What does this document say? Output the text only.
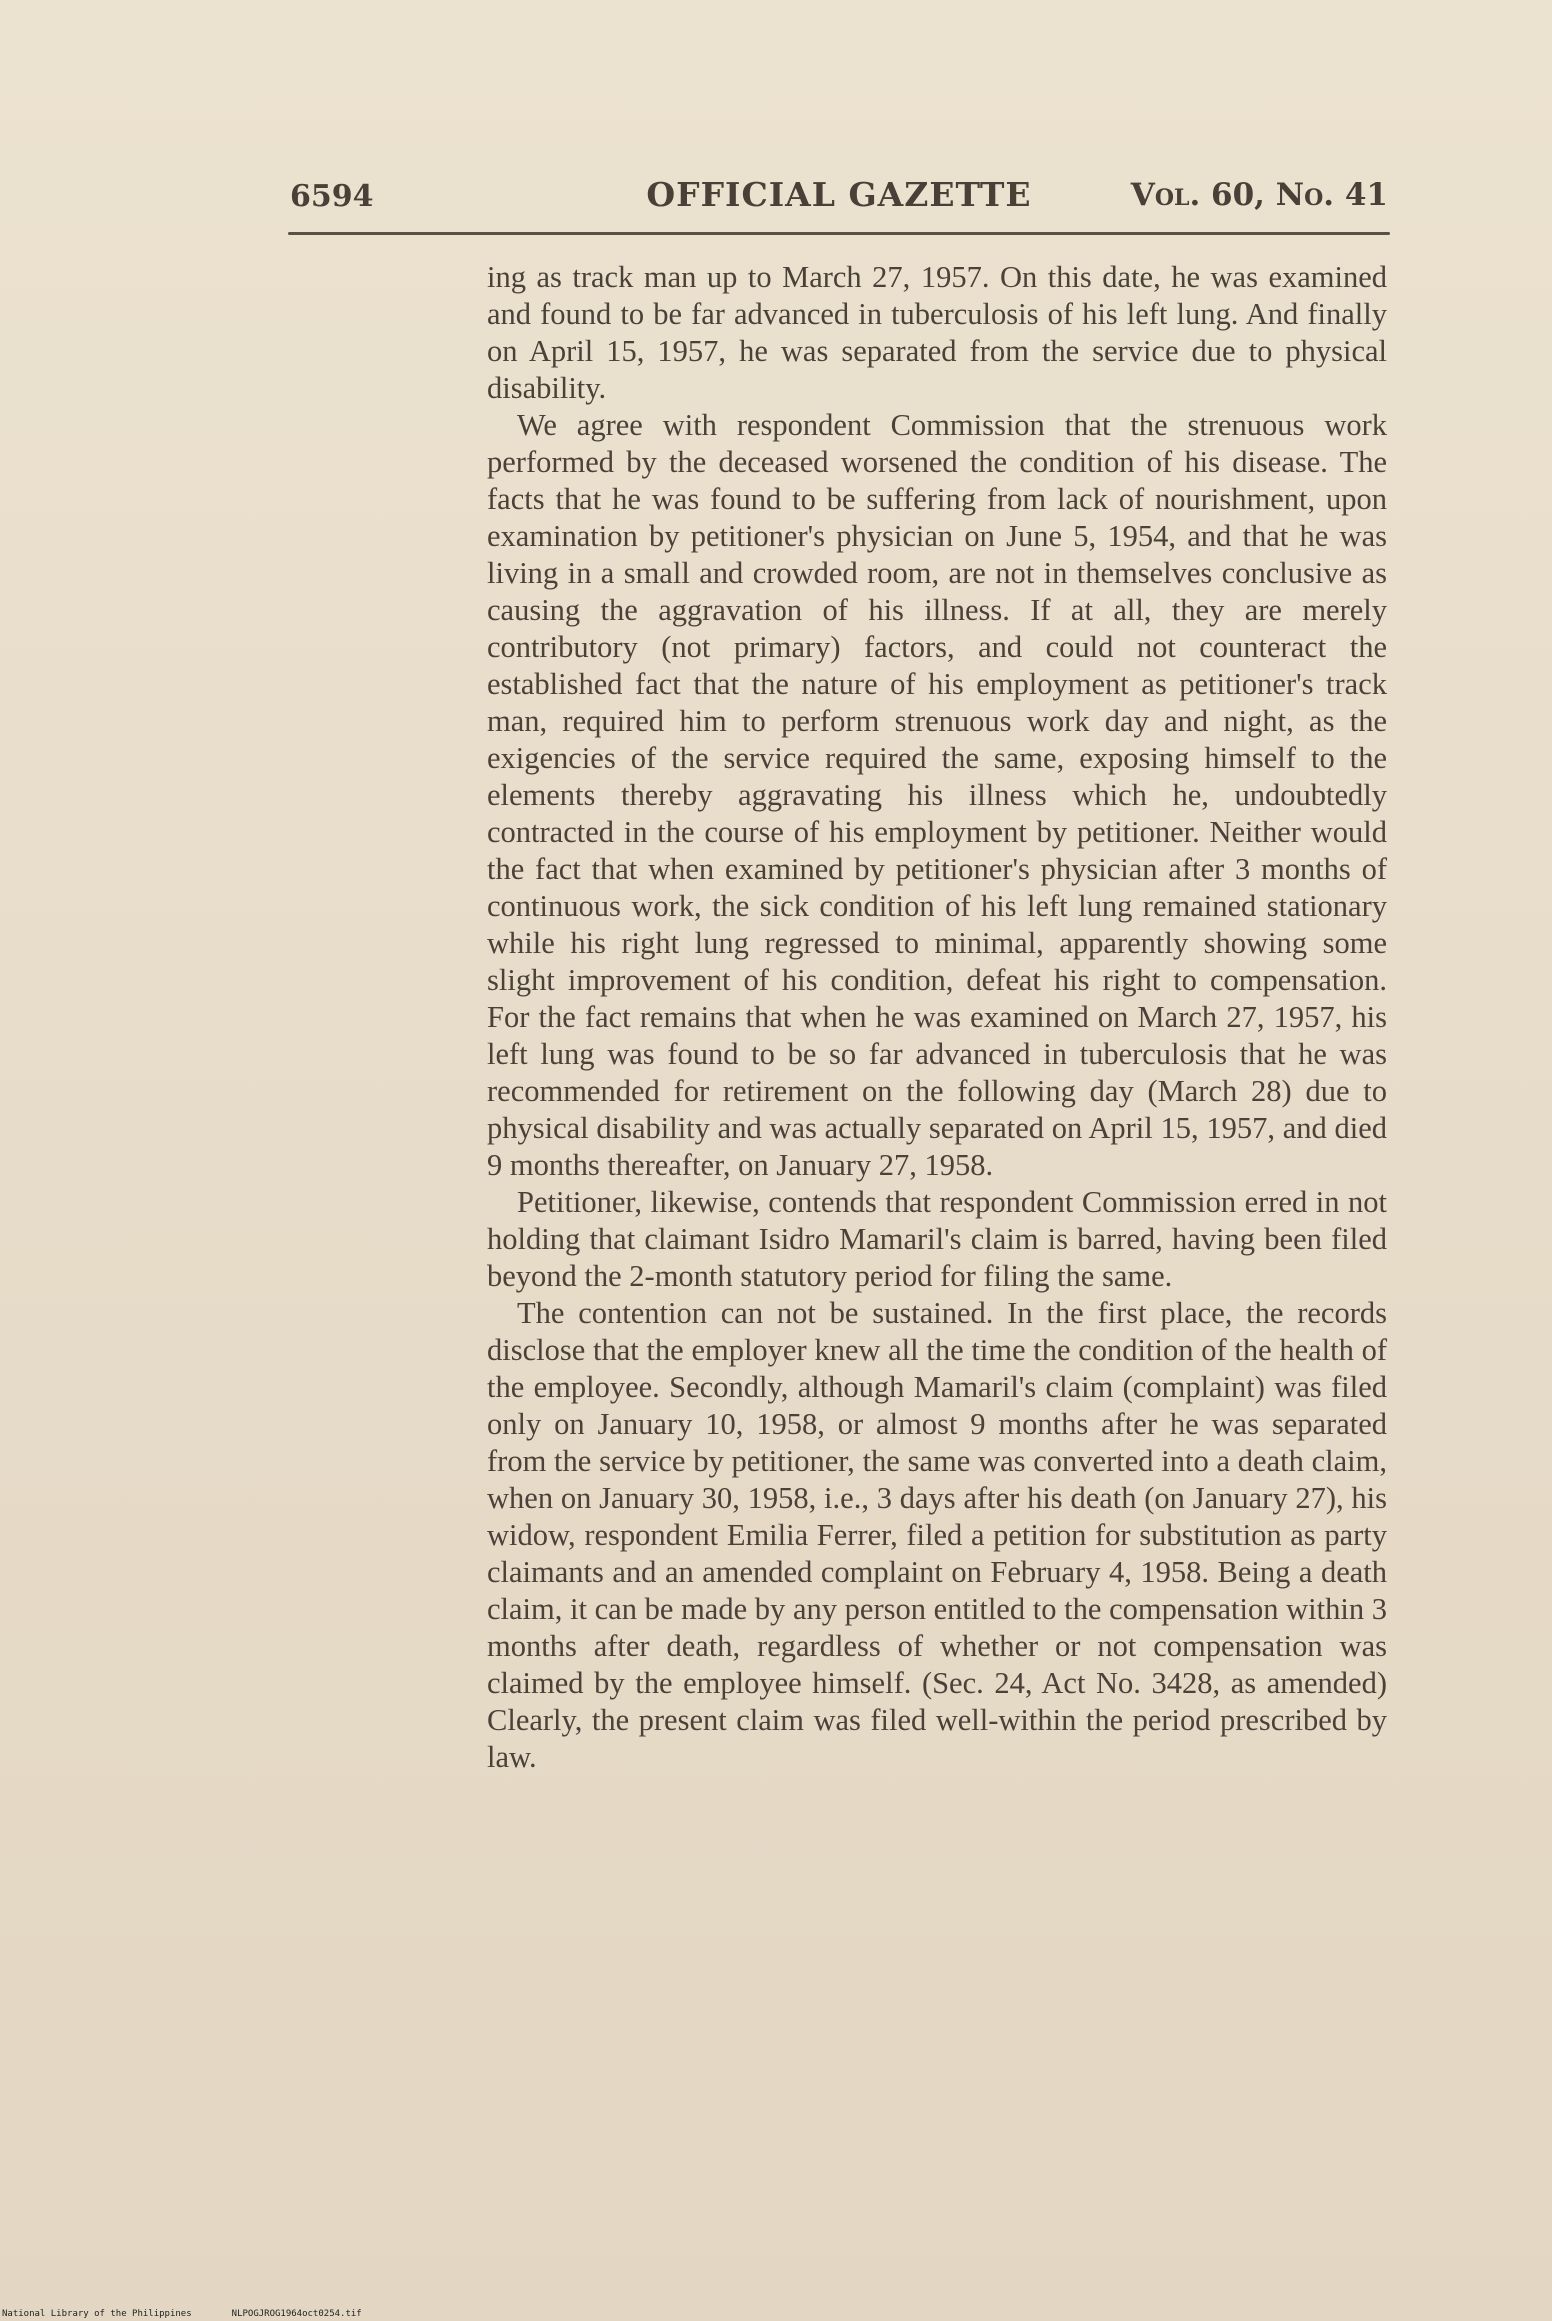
6594	OFFICIAL GAZETTE	Vol. 60, No. 41

ing as track man up to March 27, 1957. On this date, he was examined and found to be far advanced in tuberculosis of his left lung. And finally on April 15, 1957, he was separated from the service due to physical disability.

We agree with respondent Commission that the strenuous work performed by the deceased worsened the condition of his disease. The facts that he was found to be suffering from lack of nourishment, upon examination by petitioner's physician on June 5, 1954, and that he was living in a small and crowded room, are not in themselves conclusive as causing the aggravation of his illness. If at all, they are merely contributory (not primary) factors, and could not counteract the established fact that the nature of his employment as petitioner's track man, required him to perform strenuous work day and night, as the exigencies of the service required the same, exposing himself to the elements thereby aggravating his illness which he, undoubtedly contracted in the course of his employment by petitioner. Neither would the fact that when examined by petitioner's physician after 3 months of continuous work, the sick condition of his left lung remained stationary while his right lung regressed to minimal, apparently showing some slight improvement of his condition, defeat his right to compensation. For the fact remains that when he was examined on March 27, 1957, his left lung was found to be so far advanced in tuberculosis that he was recommended for retirement on the following day (March 28) due to physical disability and was actually separated on April 15, 1957, and died 9 months thereafter, on January 27, 1958.

Petitioner, likewise, contends that respondent Commission erred in not holding that claimant Isidro Mamaril's claim is barred, having been filed beyond the 2-month statutory period for filing the same.

The contention can not be sustained. In the first place, the records disclose that the employer knew all the time the condition of the health of the employee. Secondly, although Mamaril's claim (complaint) was filed only on January 10, 1958, or almost 9 months after he was separated from the service by petitioner, the same was converted into a death claim, when on January 30, 1958, i.e., 3 days after his death (on January 27), his widow, respondent Emilia Ferrer, filed a petition for substitution as party claimants and an amended complaint on February 4, 1958. Being a death claim, it can be made by any person entitled to the compensation within 3 months after death, regardless of whether or not compensation was claimed by the employee himself. (Sec. 24, Act No. 3428, as amended) Clearly, the present claim was filed well-within the period prescribed by law.

National Library of the Philippines	NLPOGJROG1964oct0254.tif
